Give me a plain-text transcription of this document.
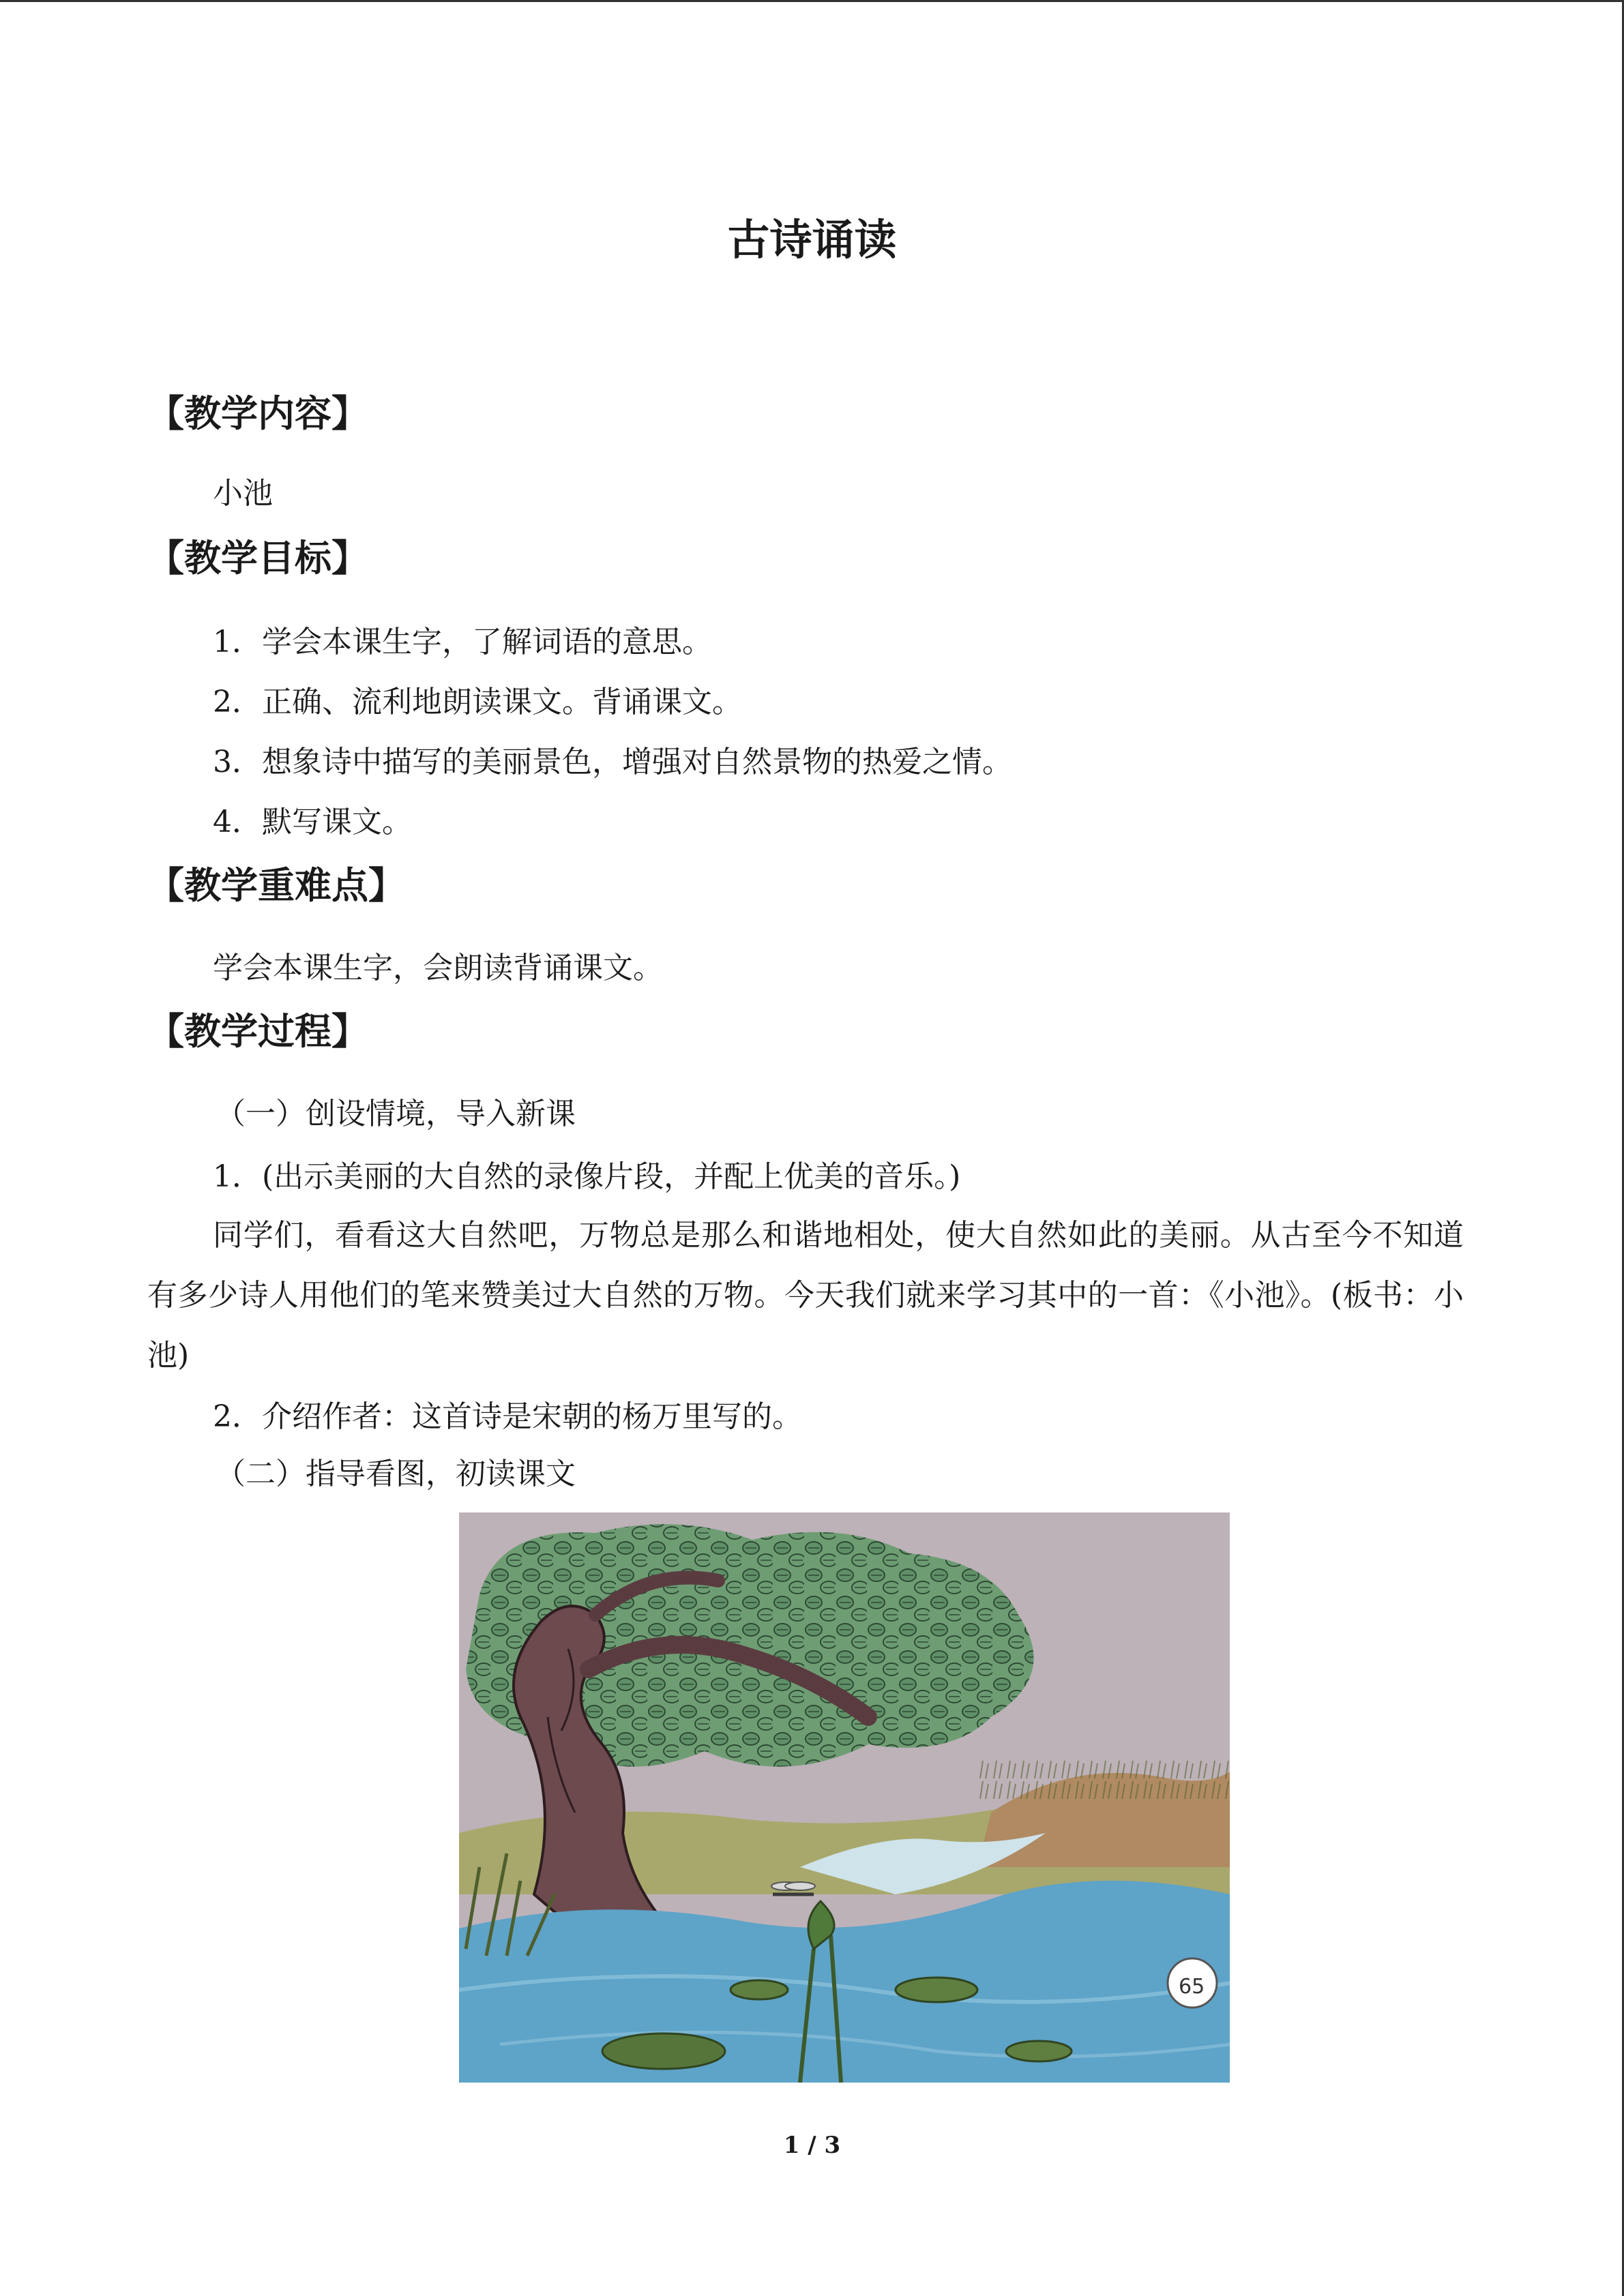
古诗诵读
【教学内容】
小池
【教学目标】
1．学会本课生字，了解词语的意思。
2．正确、流利地朗读课文。背诵课文。
3．想象诗中描写的美丽景色，增强对自然景物的热爱之情。
4．默写课文。
【教学重难点】
学会本课生字，会朗读背诵课文。
【教学过程】
（一）创设情境，导入新课
1．(出示美丽的大自然的录像片段，并配上优美的音乐。)
同学们，看看这大自然吧，万物总是那么和谐地相处，使大自然如此的美丽。从古至今不知道有多少诗人用他们的笔来赞美过大自然的万物。今天我们就来学习其中的一首：《小池》。(板书：小池)
2．介绍作者：这首诗是宋朝的杨万里写的。
（二）指导看图，初读课文
65
1 / 3
